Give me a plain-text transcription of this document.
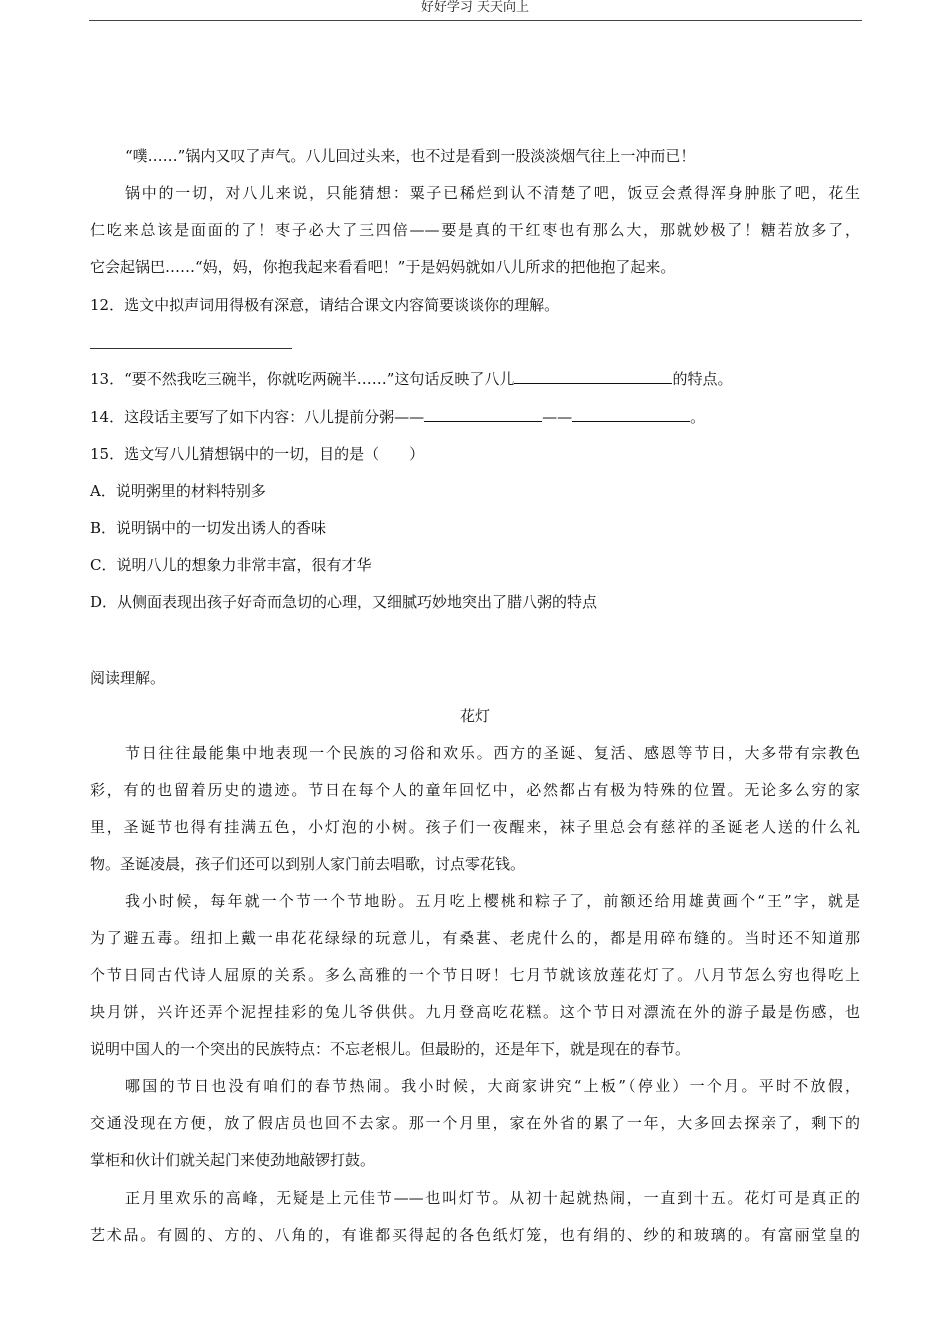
好好学习 天天向上
“噗……”锅内又叹了声气。八儿回过头来，也不过是看到一股淡淡烟气往上一冲而已！
锅中的一切，对八儿来说，只能猜想：粟子已稀烂到认不清楚了吧，饭豆会煮得浑身肿胀了吧，花生
仁吃来总该是面面的了！枣子必大了三四倍——要是真的干红枣也有那么大，那就妙极了！糖若放多了，
它会起锅巴……“妈，妈，你抱我起来看看吧！”于是妈妈就如八儿所求的把他抱了起来。
12．选文中拟声词用得极有深意，请结合课文内容简要谈谈你的理解。
13．“要不然我吃三碗半，你就吃两碗半……”这句话反映了八儿	的特点。
14．这段话主要写了如下内容：八儿提前分粥——	——	。
15．选文写八儿猜想锅中的一切，目的是（　　）
A．说明粥里的材料特别多
B．说明锅中的一切发出诱人的香味
C．说明八儿的想象力非常丰富，很有才华
D．从侧面表现出孩子好奇而急切的心理，又细腻巧妙地突出了腊八粥的特点
阅读理解。
花灯
节日往往最能集中地表现一个民族的习俗和欢乐。西方的圣诞、复活、感恩等节日，大多带有宗教色
彩，有的也留着历史的遗迹。节日在每个人的童年回忆中，必然都占有极为特殊的位置。无论多么穷的家
里，圣诞节也得有挂满五色，小灯泡的小树。孩子们一夜醒来，袜子里总会有慈祥的圣诞老人送的什么礼
物。圣诞凌晨，孩子们还可以到别人家门前去唱歌，讨点零花钱。
我小时候，每年就一个节一个节地盼。五月吃上樱桃和粽子了，前额还给用雄黄画个“王”字，就是
为了避五毒。纽扣上戴一串花花绿绿的玩意儿，有桑葚、老虎什么的，都是用碎布缝的。当时还不知道那
个节日同古代诗人屈原的关系。多么高雅的一个节日呀！七月节就该放莲花灯了。八月节怎么穷也得吃上
块月饼，兴许还弄个泥捏挂彩的兔儿爷供供。九月登高吃花糕。这个节日对漂流在外的游子最是伤感，也
说明中国人的一个突出的民族特点：不忘老根儿。但最盼的，还是年下，就是现在的春节。
哪国的节日也没有咱们的春节热闹。我小时候，大商家讲究“上板”（停业）一个月。平时不放假，
交通没现在方便，放了假店员也回不去家。那一个月里，家在外省的累了一年，大多回去探亲了，剩下的
掌柜和伙计们就关起门来使劲地敲锣打鼓。
正月里欢乐的高峰，无疑是上元佳节——也叫灯节。从初十起就热闹，一直到十五。花灯可是真正的
艺术品。有圆的、方的、八角的，有谁都买得起的各色纸灯笼，也有绢的、纱的和玻璃的。有富丽堂皇的
